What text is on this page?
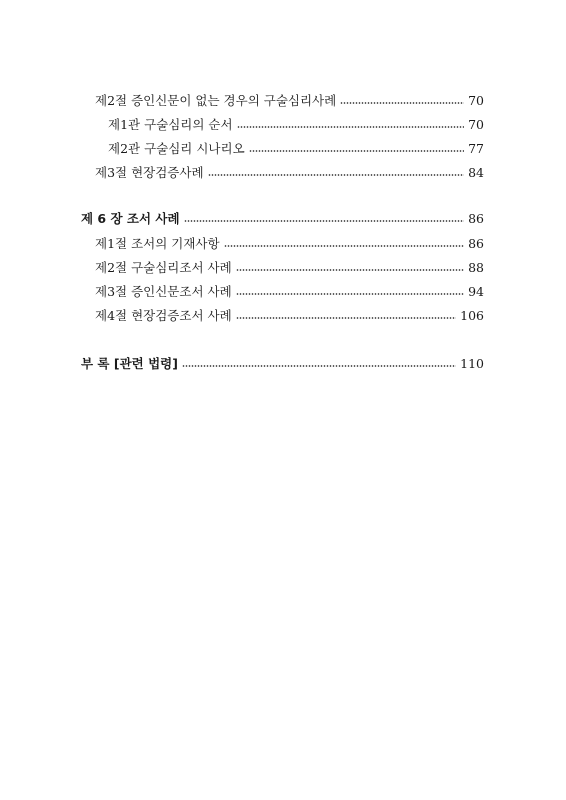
제2절 증인신문이 없는 경우의 구술심리사례	70
제1관 구술심리의 순서	70
제2관 구술심리 시나리오	77
제3절 현장검증사례	84
제 6 장 조서 사례	86
제1절 조서의 기재사항	86
제2절 구술심리조서 사례	88
제3절 증인신문조서 사례	94
제4절 현장검증조서 사례	106
부 록 [관련 법령]	110
